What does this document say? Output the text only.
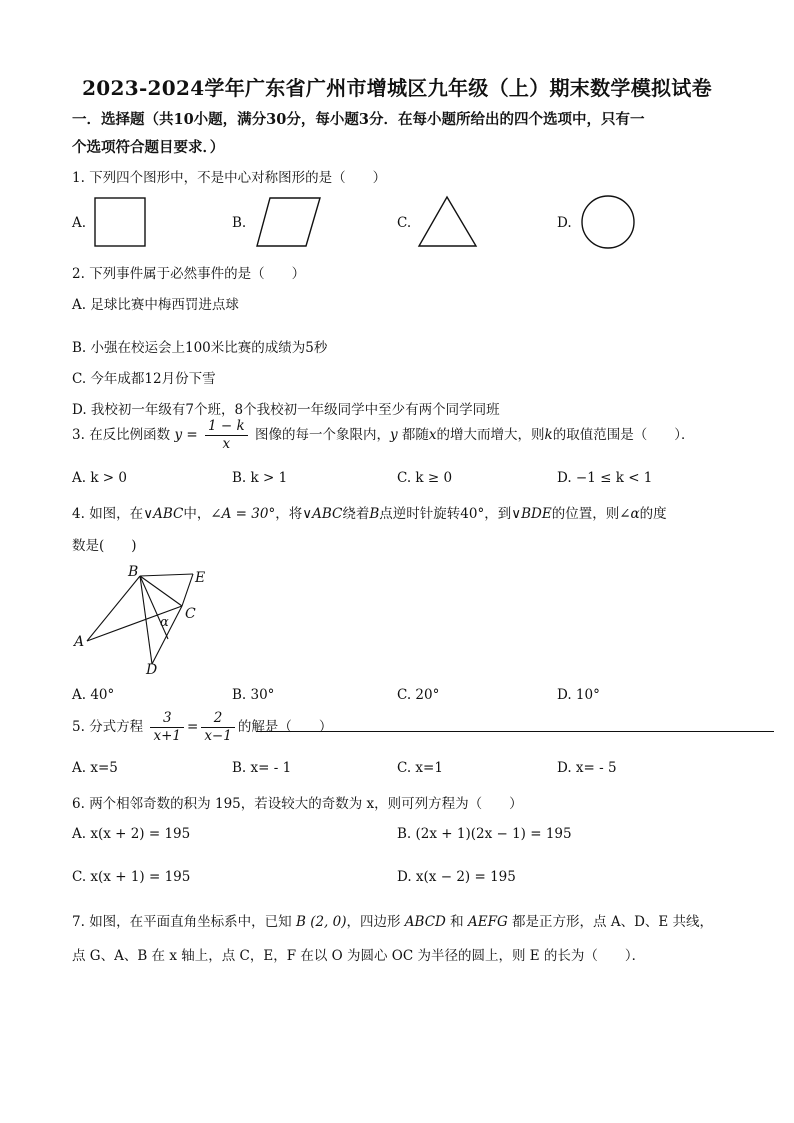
2023-2024学年广东省广州市增城区九年级（上）期末数学模拟试卷
一．选择题（共10小题，满分30分，每小题3分．在每小题所给出的四个选项中，只有一
个选项符合题目要求．）
1. 下列四个图形中，不是中心对称图形的是（　　）
A.	B.	C.	D.
2. 下列事件属于必然事件的是（　　）
A. 足球比赛中梅西罚进点球
B. 小强在校运会上100米比赛的成绩为5秒
C. 今年成都12月份下雪
D. 我校初一年级有7个班，8个我校初一年级同学中至少有两个同学同班
3. 在反比例函数 $y = \frac{1 - k}{x}$ 图像的每一个象限内，y 都随x的增大而增大，则k的取值范围是（　　）．
A. k > 0	B. k > 1	C. k ≥ 0	D. −1 ≤ k < 1
4. 如图，在∨ABC中，∠A = 30°，将∨ABC绕着B点逆时针旋转40°，到∨BDE的位置，则∠α的度
数是(　　)
B	E
C
A
D
α
A. 40°	B. 30°	C. 20°	D. 10°
5. 分式方程 $\frac{3}{x+1} = \frac{2}{x-1}$ 的解是（　　）
A. x=5	B. x= - 1	C. x=1	D. x= - 5
6. 两个相邻奇数的积为 195，若设较大的奇数为 x，则可列方程为（　　）
A. x(x + 2) = 195	B. (2x + 1)(2x − 1) = 195
C. x(x + 1) = 195	D. x(x − 2) = 195
7. 如图，在平面直角坐标系中，已知 B (2, 0)，四边形 ABCD 和 AEFG 都是正方形，点 A、D、E 共线，
点 G、A、B 在 x 轴上，点 C，E，F 在以 O 为圆心 OC 为半径的圆上，则 E 的长为（　　）．
